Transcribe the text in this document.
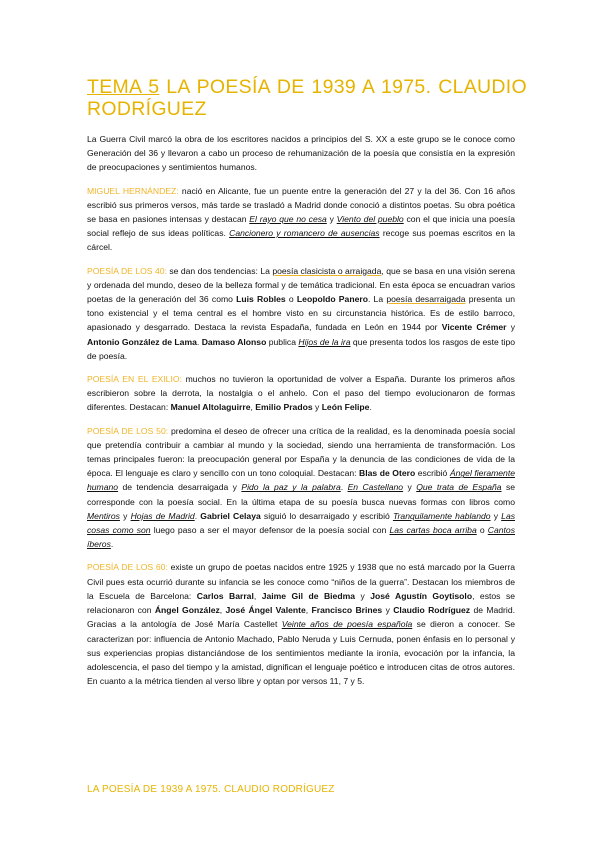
TEMA 5 LA POESÍA DE 1939 A 1975. CLAUDIO RODRÍGUEZ

La Guerra Civil marcó la obra de los escritores nacidos a principios del S. XX a este grupo se le conoce como Generación del 36 y llevaron a cabo un proceso de rehumanización de la poesía que consistía en la expresión de preocupaciones y sentimientos humanos.

MIGUEL HERNÁNDEZ: nació en Alicante, fue un puente entre la generación del 27 y la del 36. Con 16 años escribió sus primeros versos, más tarde se trasladó a Madrid donde conoció a distintos poetas. Su obra poética se basa en pasiones intensas y destacan El rayo que no cesa y Viento del pueblo con el que inicia una poesía social reflejo de sus ideas políticas. Cancionero y romancero de ausencias recoge sus poemas escritos en la cárcel.

POESÍA DE LOS 40: se dan dos tendencias: La poesía clasicista o arraigada, que se basa en una visión serena y ordenada del mundo, deseo de la belleza formal y de temática tradicional. En esta época se encuadran varios poetas de la generación del 36 como Luis Robles o Leopoldo Panero. La poesía desarraigada presenta un tono existencial y el tema central es el hombre visto en su circunstancia histórica. Es de estilo barroco, apasionado y desgarrado. Destaca la revista Espadaña, fundada en León en 1944 por Vicente Crémer y Antonio González de Lama. Damaso Alonso publica Hijos de la ira que presenta todos los rasgos de este tipo de poesía.

POESÍA EN EL EXILIO: muchos no tuvieron la oportunidad de volver a España. Durante los primeros años escribieron sobre la derrota, la nostalgia o el anhelo. Con el paso del tiempo evolucionaron de formas diferentes. Destacan: Manuel Altolaguirre, Emilio Prados y León Felipe.

POESÍA DE LOS 50: predomina el deseo de ofrecer una crítica de la realidad, es la denominada poesía social que pretendía contribuir a cambiar al mundo y la sociedad, siendo una herramienta de transformación. Los temas principales fueron: la preocupación general por España y la denuncia de las condiciones de vida de la época. El lenguaje es claro y sencillo con un tono coloquial. Destacan: Blas de Otero escribió Ángel fieramente humano de tendencia desarraigada y Pido la paz y la palabra. En Castellano y Que trata de España se corresponde con la poesía social. En la última etapa de su poesía busca nuevas formas con libros como Mentiros y Hojas de Madrid. Gabriel Celaya siguió lo desarraigado y escribió Tranquilamente hablando y Las cosas como son luego paso a ser el mayor defensor de la poesía social con Las cartas boca arriba o Cantos íberos.

POESÍA DE LOS 60: existe un grupo de poetas nacidos entre 1925 y 1938 que no está marcado por la Guerra Civil pues esta ocurrió durante su infancia se les conoce como “niños de la guerra”. Destacan los miembros de la Escuela de Barcelona: Carlos Barral, Jaime Gil de Biedma y José Agustín Goytisolo, estos se relacionaron con Ángel González, José Ángel Valente, Francisco Brines y Claudio Rodríguez de Madrid. Gracias a la antología de José María Castellet Veinte años de poesía española se dieron a conocer. Se caracterizan por: influencia de Antonio Machado, Pablo Neruda y Luis Cernuda, ponen énfasis en lo personal y sus experiencias propias distanciándose de los sentimientos mediante la ironía, evocación por la infancia, la adolescencia, el paso del tiempo y la amistad, dignifican el lenguaje poético e introducen citas de otros autores. En cuanto a la métrica tienden al verso libre y optan por versos 11, 7 y 5.

LA POESÍA DE 1939 A 1975. CLAUDIO RODRÍGUEZ
